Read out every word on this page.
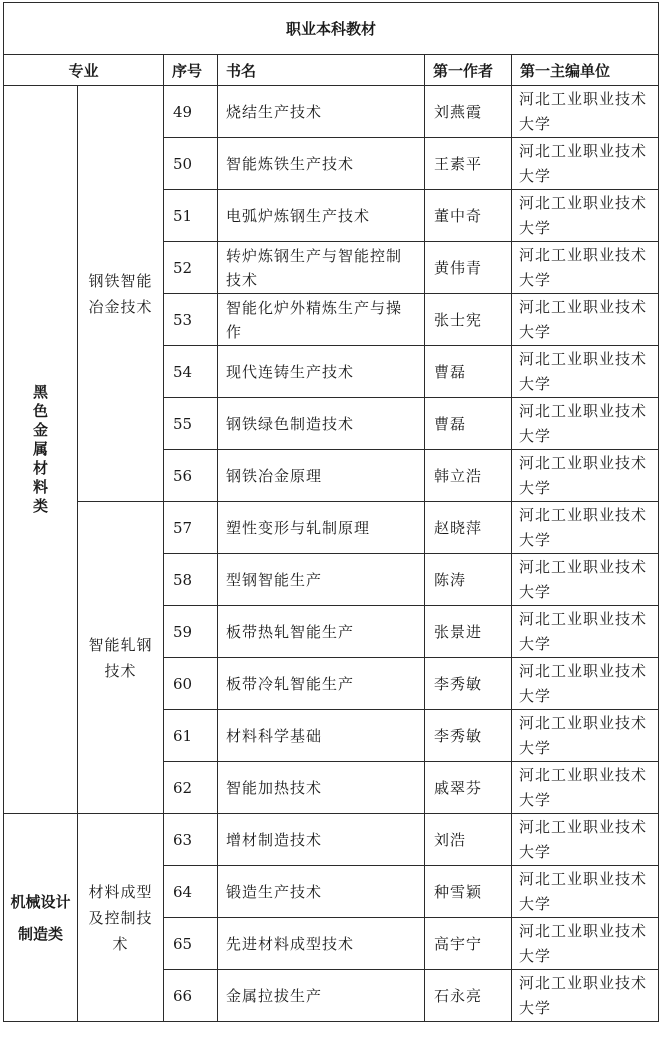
职业本科教材					
专业		序号	书名	第一作者	第一主编单位
黑色金属材料类	钢铁智能冶金技术	49	烧结生产技术	刘燕霞	河北工业职业技术大学
		50	智能炼铁生产技术	王素平	河北工业职业技术大学
		51	电弧炉炼钢生产技术	董中奇	河北工业职业技术大学
		52	转炉炼钢生产与智能控制技术	黄伟青	河北工业职业技术大学
		53	智能化炉外精炼生产与操作	张士宪	河北工业职业技术大学
		54	现代连铸生产技术	曹磊	河北工业职业技术大学
		55	钢铁绿色制造技术	曹磊	河北工业职业技术大学
		56	钢铁冶金原理	韩立浩	河北工业职业技术大学
	智能轧钢技术	57	塑性变形与轧制原理	赵晓萍	河北工业职业技术大学
		58	型钢智能生产	陈涛	河北工业职业技术大学
		59	板带热轧智能生产	张景进	河北工业职业技术大学
		60	板带冷轧智能生产	李秀敏	河北工业职业技术大学
		61	材料科学基础	李秀敏	河北工业职业技术大学
		62	智能加热技术	戚翠芬	河北工业职业技术大学
机械设计制造类	材料成型及控制技术	63	增材制造技术	刘浩	河北工业职业技术大学
		64	锻造生产技术	种雪颖	河北工业职业技术大学
		65	先进材料成型技术	高宇宁	河北工业职业技术大学
		66	金属拉拔生产	石永亮	河北工业职业技术大学
